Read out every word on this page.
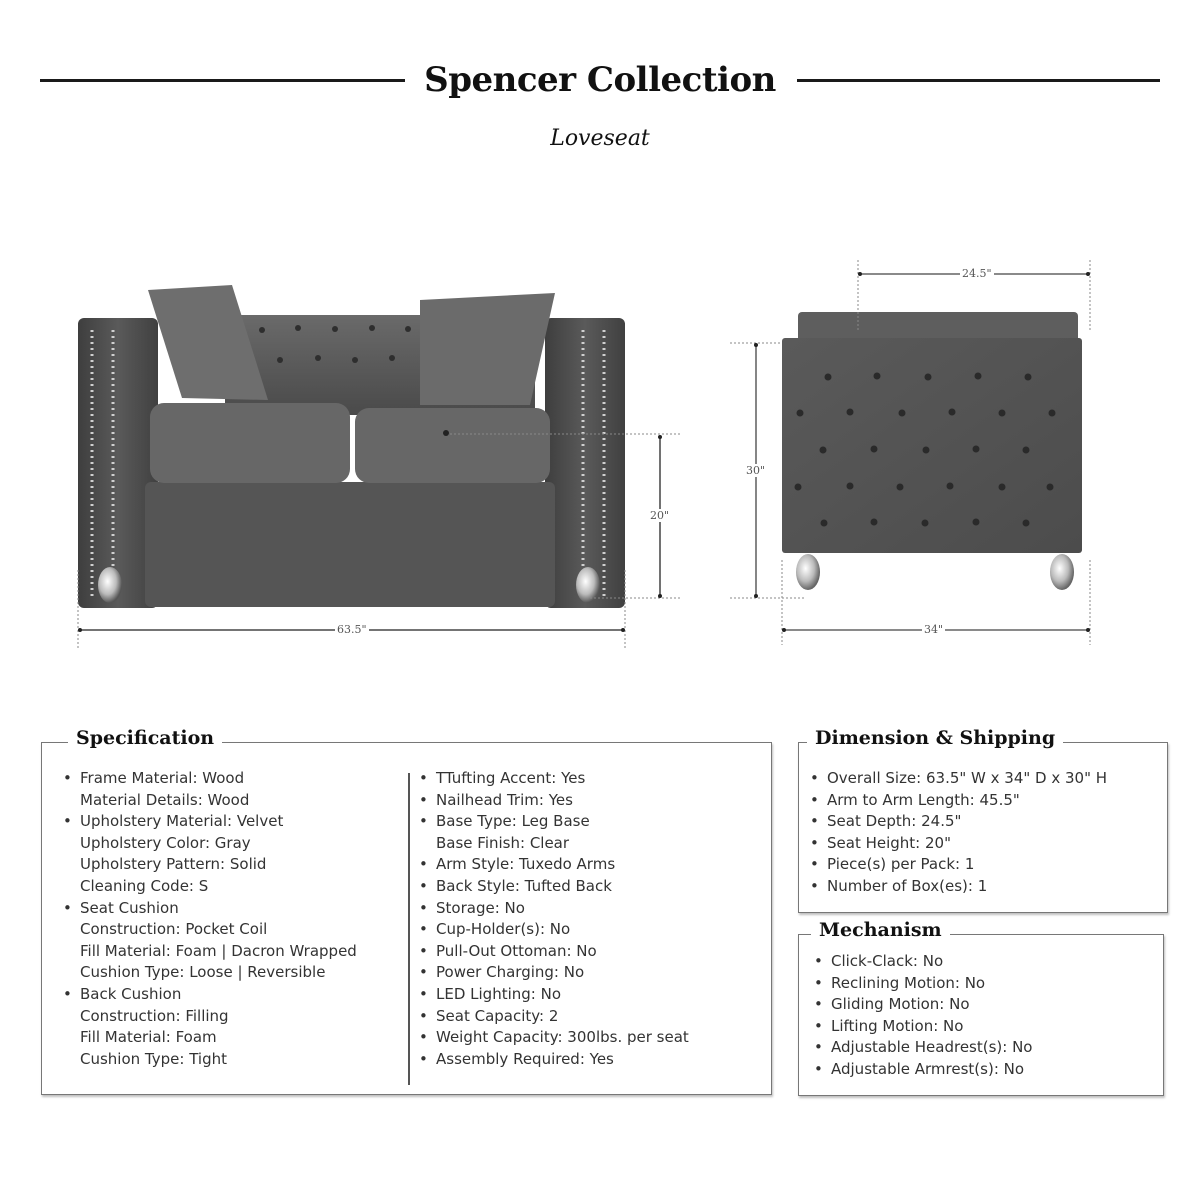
Spencer Collection
Loveseat
63.5"
20"
24.5"
30"
34"
Specification
• Frame Material: Wood
Material Details: Wood
• Upholstery Material: Velvet
Upholstery Color: Gray
Upholstery Pattern: Solid
Cleaning Code: S
• Seat Cushion
Construction: Pocket Coil
Fill Material: Foam | Dacron Wrapped
Cushion Type: Loose | Reversible
• Back Cushion
Construction: Filling
Fill Material: Foam
Cushion Type: Tight
• TTufting Accent: Yes
• Nailhead Trim: Yes
• Base Type: Leg Base
Base Finish: Clear
• Arm Style: Tuxedo Arms
• Back Style: Tufted Back
• Storage: No
• Cup-Holder(s): No
• Pull-Out Ottoman: No
• Power Charging: No
• LED Lighting: No
• Seat Capacity: 2
• Weight Capacity: 300lbs. per seat
• Assembly Required: Yes
Dimension & Shipping
• Overall Size: 63.5" W x 34" D x 30" H
• Arm to Arm Length: 45.5"
• Seat Depth: 24.5"
• Seat Height: 20"
• Piece(s) per Pack: 1
• Number of Box(es): 1
Mechanism
• Click-Clack: No
• Reclining Motion: No
• Gliding Motion: No
• Lifting Motion: No
• Adjustable Headrest(s): No
• Adjustable Armrest(s): No
